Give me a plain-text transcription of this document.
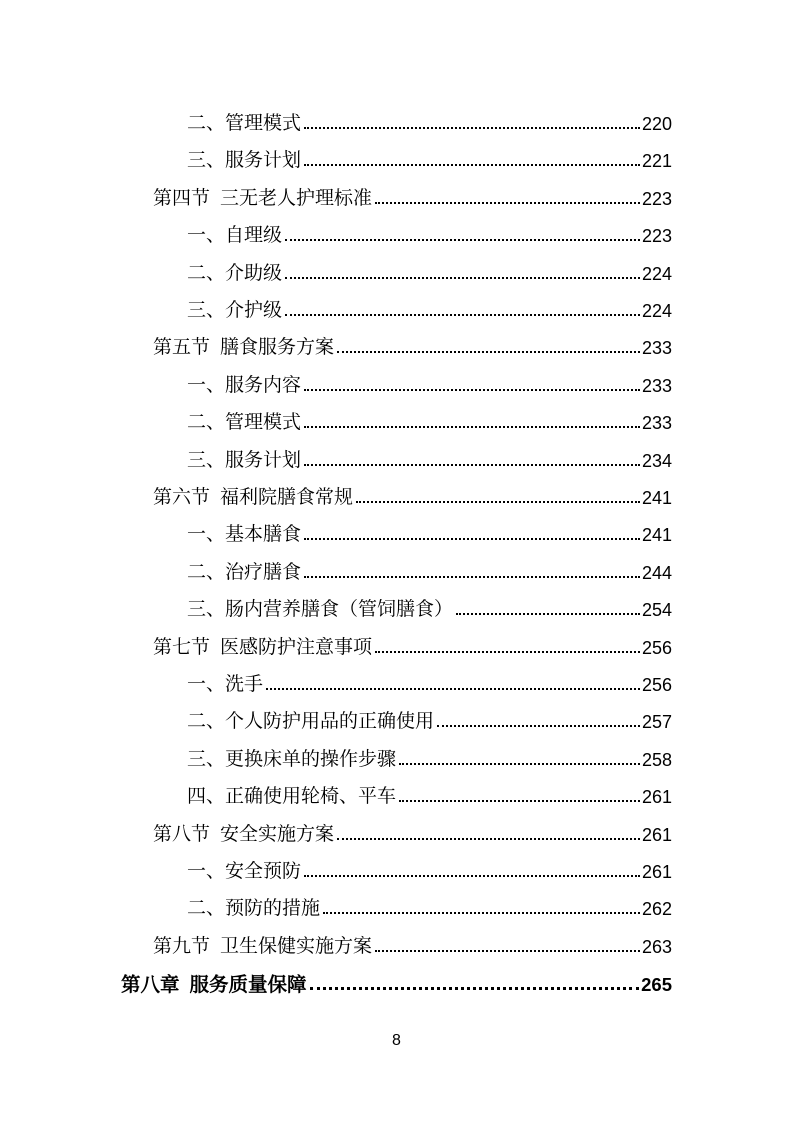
二、管理模式	220
三、服务计划	221
第四节 三无老人护理标准	223
一、自理级	223
二、介助级	224
三、介护级	224
第五节 膳食服务方案	233
一、服务内容	233
二、管理模式	233
三、服务计划	234
第六节 福利院膳食常规	241
一、基本膳食	241
二、治疗膳食	244
三、肠内营养膳食（管饲膳食）	254
第七节 医感防护注意事项	256
一、洗手	256
二、个人防护用品的正确使用	257
三、更换床单的操作步骤	258
四、正确使用轮椅、平车	261
第八节 安全实施方案	261
一、安全预防	261
二、预防的措施	262
第九节 卫生保健实施方案	263
第八章 服务质量保障	265
8
